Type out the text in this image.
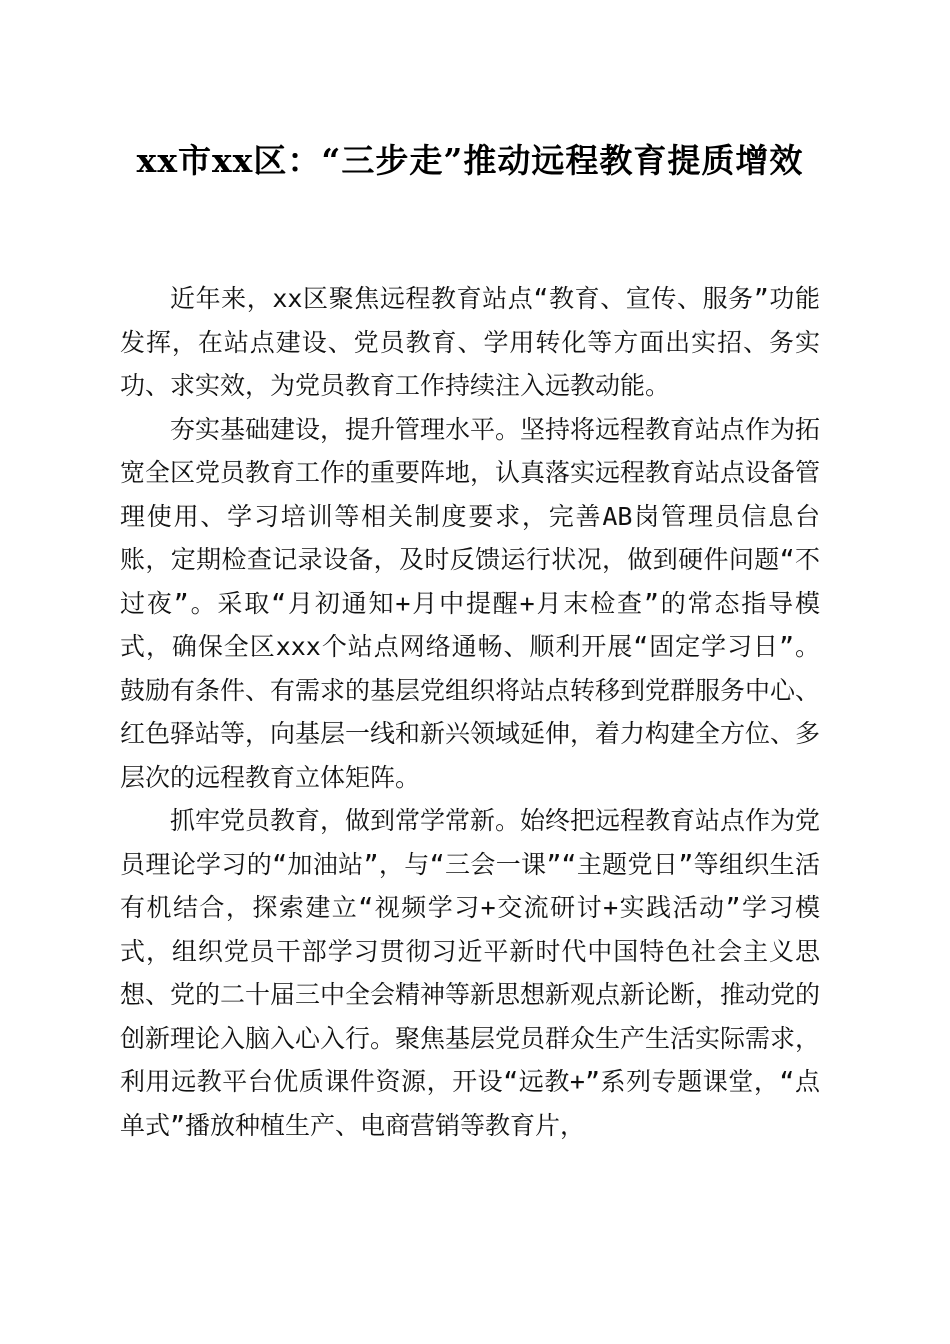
xx市xx区：“三步走”推动远程教育提质增效

近年来，xx区聚焦远程教育站点“教育、宣传、服务”功能发挥，在站点建设、党员教育、学用转化等方面出实招、务实功、求实效，为党员教育工作持续注入远教动能。

夯实基础建设，提升管理水平。坚持将远程教育站点作为拓宽全区党员教育工作的重要阵地，认真落实远程教育站点设备管理使用、学习培训等相关制度要求，完善AB岗管理员信息台账，定期检查记录设备，及时反馈运行状况，做到硬件问题“不过夜”。采取“月初通知+月中提醒+月末检查”的常态指导模式，确保全区xxx个站点网络通畅、顺利开展“固定学习日”。鼓励有条件、有需求的基层党组织将站点转移到党群服务中心、红色驿站等，向基层一线和新兴领域延伸，着力构建全方位、多层次的远程教育立体矩阵。

抓牢党员教育，做到常学常新。始终把远程教育站点作为党员理论学习的“加油站”，与“三会一课”“主题党日”等组织生活有机结合，探索建立“视频学习+交流研讨+实践活动”学习模式，组织党员干部学习贯彻习近平新时代中国特色社会主义思想、党的二十届三中全会精神等新思想新观点新论断，推动党的创新理论入脑入心入行。聚焦基层党员群众生产生活实际需求，利用远教平台优质课件资源，开设“远教+”系列专题课堂，“点单式”播放种植生产、电商营销等教育片，
